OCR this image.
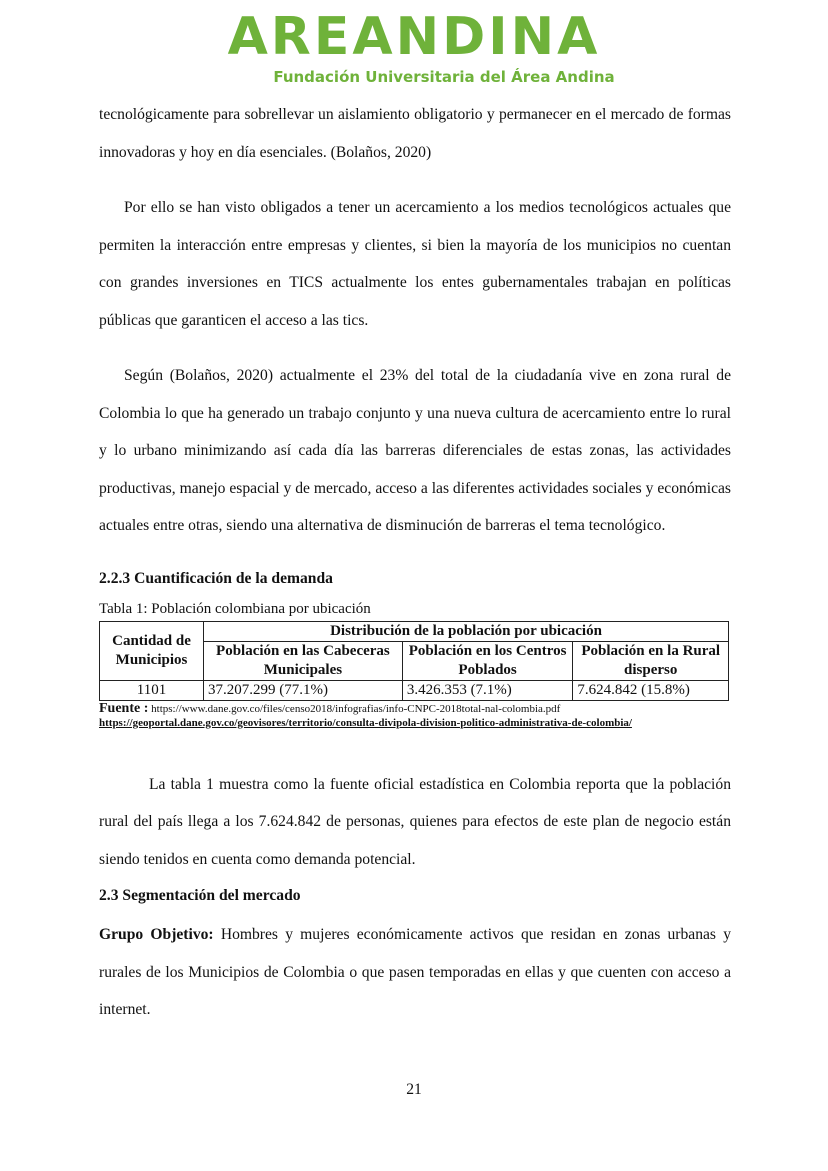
AREANDINA
Fundación Universitaria del Área Andina

tecnológicamente para sobrellevar un aislamiento obligatorio y permanecer en el mercado de formas innovadoras y hoy en día esenciales. (Bolaños, 2020)

Por ello se han visto obligados a tener un acercamiento a los medios tecnológicos actuales que permiten la interacción entre empresas y clientes, si bien la mayoría de los municipios no cuentan con grandes inversiones en TICS actualmente los entes gubernamentales trabajan en políticas públicas que garanticen el acceso a las tics.

Según (Bolaños, 2020) actualmente el 23% del total de la ciudadanía vive en zona rural de Colombia lo que ha generado un trabajo conjunto y una nueva cultura de acercamiento entre lo rural y lo urbano minimizando así cada día las barreras diferenciales de estas zonas, las actividades productivas, manejo espacial y de mercado, acceso a las diferentes actividades sociales y económicas actuales entre otras, siendo una alternativa de disminución de barreras el tema tecnológico.

2.2.3 Cuantificación de la demanda
Tabla 1: Población colombiana por ubicación
Cantidad de Municipios	Distribución de la población por ubicación		
	Población en las Cabeceras Municipales	Población en los Centros Poblados	Población en la Rural disperso
1101	37.207.299 (77.1%)	3.426.353 (7.1%)	7.624.842 (15.8%)
Fuente : https://www.dane.gov.co/files/censo2018/infografias/info-CNPC-2018total-nal-colombia.pdf
https://geoportal.dane.gov.co/geovisores/territorio/consulta-divipola-division-politico-administrativa-de-colombia/

La tabla 1 muestra como la fuente oficial estadística en Colombia reporta que la población rural del país llega a los 7.624.842 de personas, quienes para efectos de este plan de negocio están siendo tenidos en cuenta como demanda potencial.

2.3 Segmentación del mercado

Grupo Objetivo: Hombres y mujeres económicamente activos que residan en zonas urbanas y rurales de los Municipios de Colombia o que pasen temporadas en ellas y que cuenten con acceso a internet.

21
